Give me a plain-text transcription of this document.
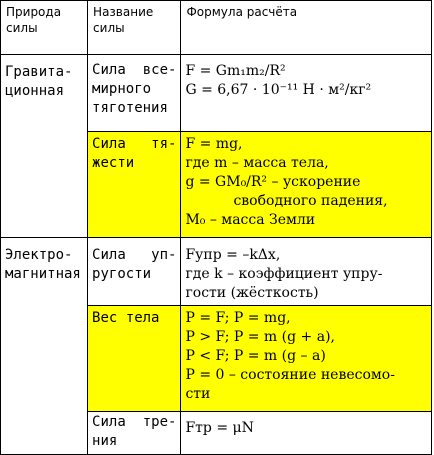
Природа силы	Название силы	Формула расчёта
Гравита-ционная	Сила все-мирного тяготения	F = Gm₁m₂/R²
G = 6,67 · 10⁻¹¹ Н · м²/кг²

	Сила тя-жести	F = mg,
где m – масса тела,
g = GM₀/R² – ускорение
свободного падения,
M₀ – масса Земли

Электро-магнитная	Сила уп-ругости	Fупр = –kΔx,
где k – коэффициент упру-
гости (жёсткость)

	Вес тела	P = F; P = mg,
P > F; P = m (g + a),
P < F; P = m (g – a)
P = 0 – состояние невесомо-
сти

	Сила тре-ния	Fтр = μN
